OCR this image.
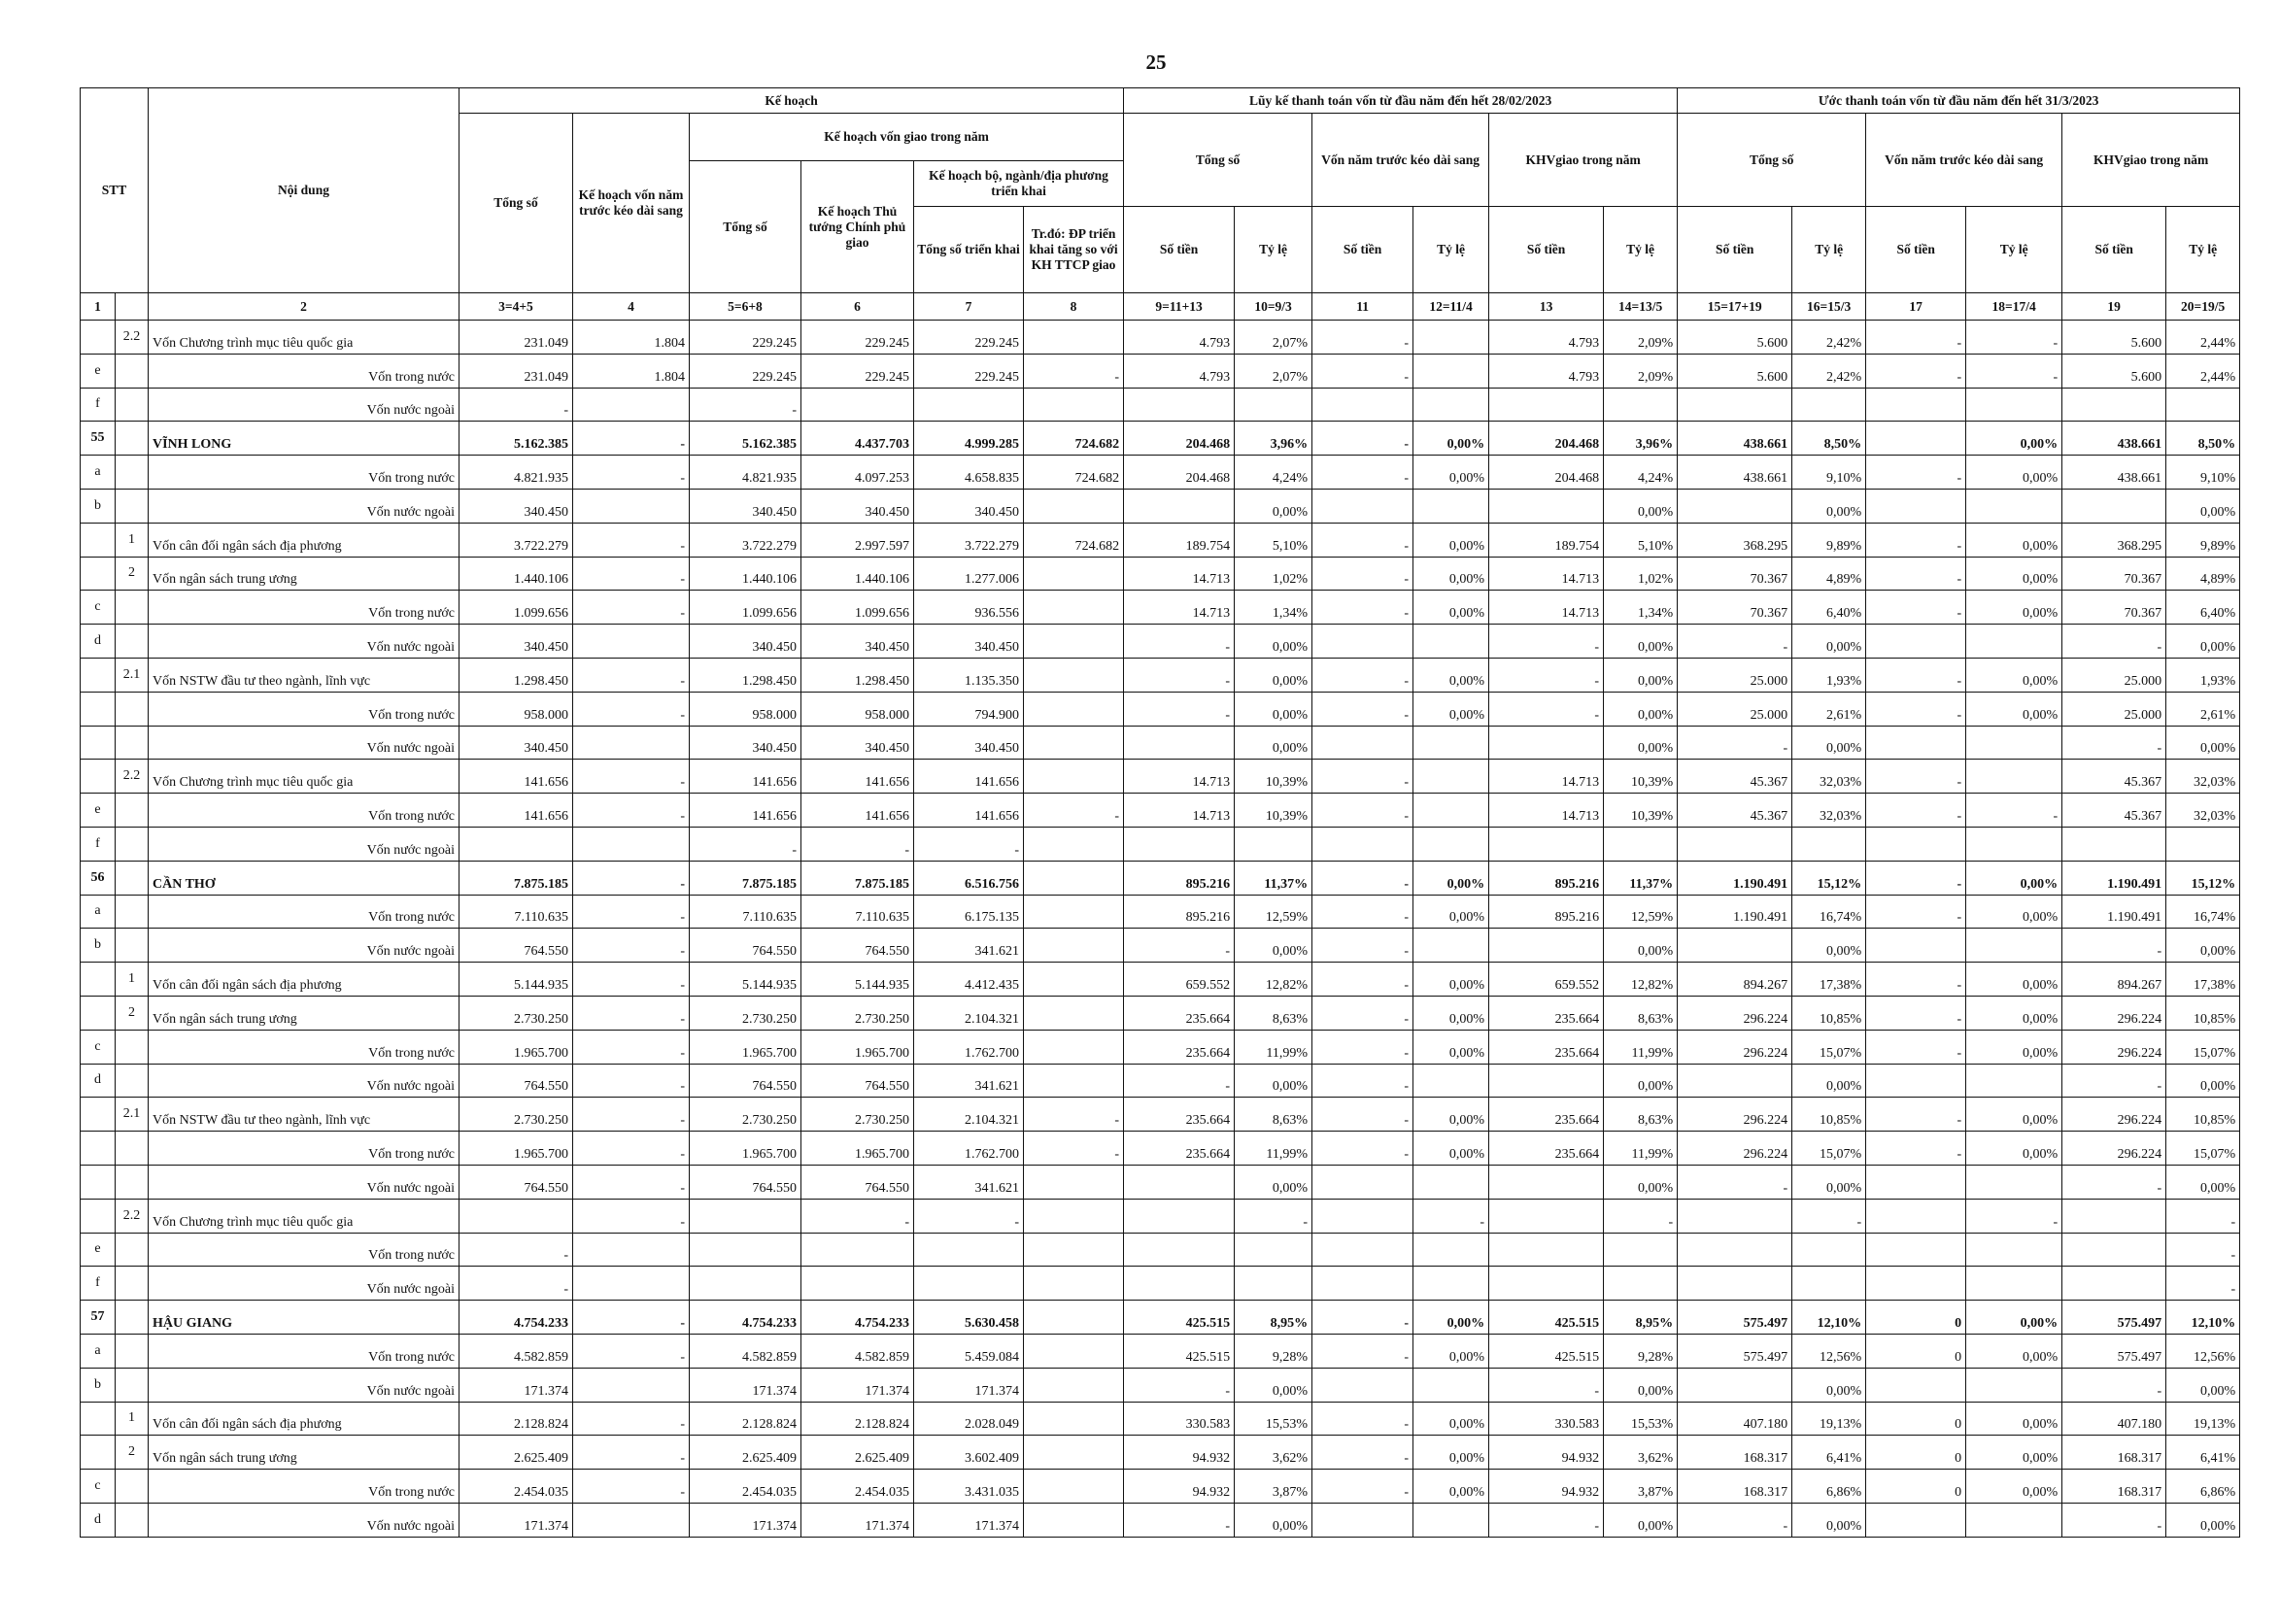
25
STT		Nội dung	Kế hoạch						Lũy kế thanh toán vốn từ đầu năm đến hết 28/02/2023						Ước thanh toán vốn từ đầu năm đến hết 31/3/2023					
			Tổng số	Kế hoạch vốn năm trước kéo dài sang	Kế hoạch vốn giao trong năm				Tổng số		Vốn năm trước kéo dài sang		KHVgiao trong năm		Tổng số		Vốn năm trước kéo dài sang		KHVgiao trong năm	
					Tổng số	Kế hoạch Thủ tướng Chính phủ giao	Kế hoạch bộ, ngành/địa phương triển khai													
							Tổng số triển khai	Tr.đó: ĐP triển khai tăng so với KH TTCP giao	Số tiền	Tỷ lệ	Số tiền	Tỷ lệ	Số tiền	Tỷ lệ	Số tiền	Tỷ lệ	Số tiền	Tỷ lệ	Số tiền	Tỷ lệ
1		2	3=4+5	4	5=6+8	6	7	8	9=11+13	10=9/3	11	12=11/4	13	14=13/5	15=17+19	16=15/3	17	18=17/4	19	20=19/5
	2.2	Vốn Chương trình mục tiêu quốc gia	231.049	1.804	229.245	229.245	229.245		4.793	2,07%	-		4.793	2,09%	5.600	2,42%	-	-	5.600	2,44%
e		Vốn trong nước	231.049	1.804	229.245	229.245	229.245	-	4.793	2,07%	-		4.793	2,09%	5.600	2,42%	-	-	5.600	2,44%
f		Vốn nước ngoài	-		-															
55		VĨNH LONG	5.162.385	-	5.162.385	4.437.703	4.999.285	724.682	204.468	3,96%	-	0,00%	204.468	3,96%	438.661	8,50%		0,00%	438.661	8,50%
a		Vốn trong nước	4.821.935	-	4.821.935	4.097.253	4.658.835	724.682	204.468	4,24%	-	0,00%	204.468	4,24%	438.661	9,10%	-	0,00%	438.661	9,10%
b		Vốn nước ngoài	340.450		340.450	340.450	340.450			0,00%				0,00%		0,00%				0,00%
	1	Vốn cân đối ngân sách địa phương	3.722.279	-	3.722.279	2.997.597	3.722.279	724.682	189.754	5,10%	-	0,00%	189.754	5,10%	368.295	9,89%	-	0,00%	368.295	9,89%
	2	Vốn ngân sách trung ương	1.440.106	-	1.440.106	1.440.106	1.277.006		14.713	1,02%	-	0,00%	14.713	1,02%	70.367	4,89%	-	0,00%	70.367	4,89%
c		Vốn trong nước	1.099.656	-	1.099.656	1.099.656	936.556		14.713	1,34%	-	0,00%	14.713	1,34%	70.367	6,40%	-	0,00%	70.367	6,40%
d		Vốn nước ngoài	340.450		340.450	340.450	340.450		-	0,00%			-	0,00%	-	0,00%			-	0,00%
	2.1	Vốn NSTW đầu tư theo ngành, lĩnh vực	1.298.450	-	1.298.450	1.298.450	1.135.350		-	0,00%	-	0,00%	-	0,00%	25.000	1,93%	-	0,00%	25.000	1,93%
		Vốn trong nước	958.000	-	958.000	958.000	794.900		-	0,00%	-	0,00%	-	0,00%	25.000	2,61%	-	0,00%	25.000	2,61%
		Vốn nước ngoài	340.450		340.450	340.450	340.450			0,00%				0,00%	-	0,00%			-	0,00%
	2.2	Vốn Chương trình mục tiêu quốc gia	141.656	-	141.656	141.656	141.656		14.713	10,39%	-		14.713	10,39%	45.367	32,03%	-		45.367	32,03%
e		Vốn trong nước	141.656	-	141.656	141.656	141.656	-	14.713	10,39%	-		14.713	10,39%	45.367	32,03%	-	-	45.367	32,03%
f		Vốn nước ngoài			-	-	-													
56		CẦN THƠ	7.875.185	-	7.875.185	7.875.185	6.516.756		895.216	11,37%	-	0,00%	895.216	11,37%	1.190.491	15,12%	-	0,00%	1.190.491	15,12%
a		Vốn trong nước	7.110.635	-	7.110.635	7.110.635	6.175.135		895.216	12,59%	-	0,00%	895.216	12,59%	1.190.491	16,74%	-	0,00%	1.190.491	16,74%
b		Vốn nước ngoài	764.550	-	764.550	764.550	341.621		-	0,00%	-			0,00%		0,00%			-	0,00%
	1	Vốn cân đối ngân sách địa phương	5.144.935	-	5.144.935	5.144.935	4.412.435		659.552	12,82%	-	0,00%	659.552	12,82%	894.267	17,38%	-	0,00%	894.267	17,38%
	2	Vốn ngân sách trung ương	2.730.250	-	2.730.250	2.730.250	2.104.321		235.664	8,63%	-	0,00%	235.664	8,63%	296.224	10,85%	-	0,00%	296.224	10,85%
c		Vốn trong nước	1.965.700	-	1.965.700	1.965.700	1.762.700		235.664	11,99%	-	0,00%	235.664	11,99%	296.224	15,07%	-	0,00%	296.224	15,07%
d		Vốn nước ngoài	764.550	-	764.550	764.550	341.621		-	0,00%	-			0,00%		0,00%			-	0,00%
	2.1	Vốn NSTW đầu tư theo ngành, lĩnh vực	2.730.250	-	2.730.250	2.730.250	2.104.321	-	235.664	8,63%	-	0,00%	235.664	8,63%	296.224	10,85%	-	0,00%	296.224	10,85%
		Vốn trong nước	1.965.700	-	1.965.700	1.965.700	1.762.700	-	235.664	11,99%	-	0,00%	235.664	11,99%	296.224	15,07%	-	0,00%	296.224	15,07%
		Vốn nước ngoài	764.550	-	764.550	764.550	341.621			0,00%				0,00%	-	0,00%			-	0,00%
	2.2	Vốn Chương trình mục tiêu quốc gia		-		-	-			-		-		-		-		-		-
e		Vốn trong nước	-																	-
f		Vốn nước ngoài	-																	-
57		HẬU GIANG	4.754.233	-	4.754.233	4.754.233	5.630.458		425.515	8,95%	-	0,00%	425.515	8,95%	575.497	12,10%	0	0,00%	575.497	12,10%
a		Vốn trong nước	4.582.859	-	4.582.859	4.582.859	5.459.084		425.515	9,28%	-	0,00%	425.515	9,28%	575.497	12,56%	0	0,00%	575.497	12,56%
b		Vốn nước ngoài	171.374		171.374	171.374	171.374		-	0,00%			-	0,00%		0,00%			-	0,00%
	1	Vốn cân đối ngân sách địa phương	2.128.824	-	2.128.824	2.128.824	2.028.049		330.583	15,53%	-	0,00%	330.583	15,53%	407.180	19,13%	0	0,00%	407.180	19,13%
	2	Vốn ngân sách trung ương	2.625.409	-	2.625.409	2.625.409	3.602.409		94.932	3,62%	-	0,00%	94.932	3,62%	168.317	6,41%	0	0,00%	168.317	6,41%
c		Vốn trong nước	2.454.035	-	2.454.035	2.454.035	3.431.035		94.932	3,87%	-	0,00%	94.932	3,87%	168.317	6,86%	0	0,00%	168.317	6,86%
d		Vốn nước ngoài	171.374		171.374	171.374	171.374		-	0,00%			-	0,00%	-	0,00%			-	0,00%
